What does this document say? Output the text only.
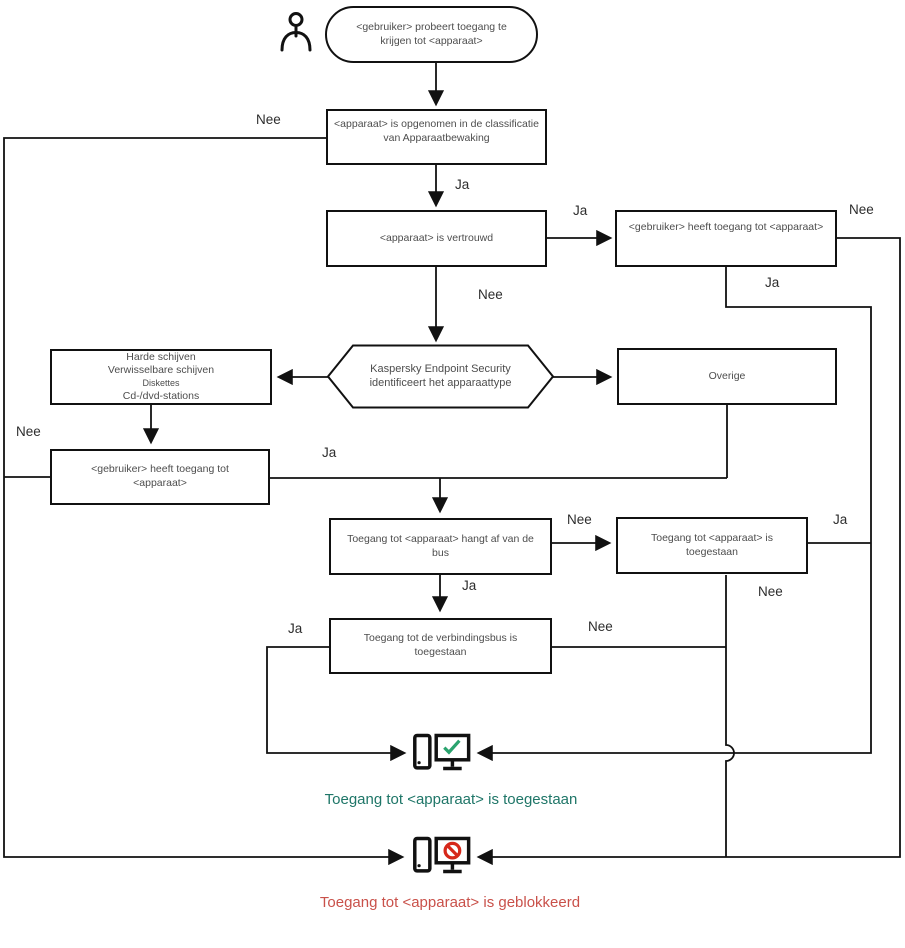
<gebruiker> probeert toegang te krijgen tot <apparaat>
<apparaat> is opgenomen in de classificatie van Apparaatbewaking
<apparaat> is vertrouwd
<gebruiker> heeft toegang tot <apparaat>
Kaspersky Endpoint Security identificeert het apparaattype
Harde schijven
Verwisselbare schijven
Diskettes
Cd-/dvd-stations
Overige
<gebruiker> heeft toegang tot <apparaat>
Toegang tot <apparaat> hangt af van de bus
Toegang tot <apparaat> is toegestaan
Toegang tot de verbindingsbus is toegestaan
Nee
Ja
Ja	Nee
Nee
Ja
Nee
Ja
Nee	Ja
Ja	Nee
Ja	Nee
Toegang tot <apparaat> is toegestaan
Toegang tot <apparaat> is geblokkeerd
